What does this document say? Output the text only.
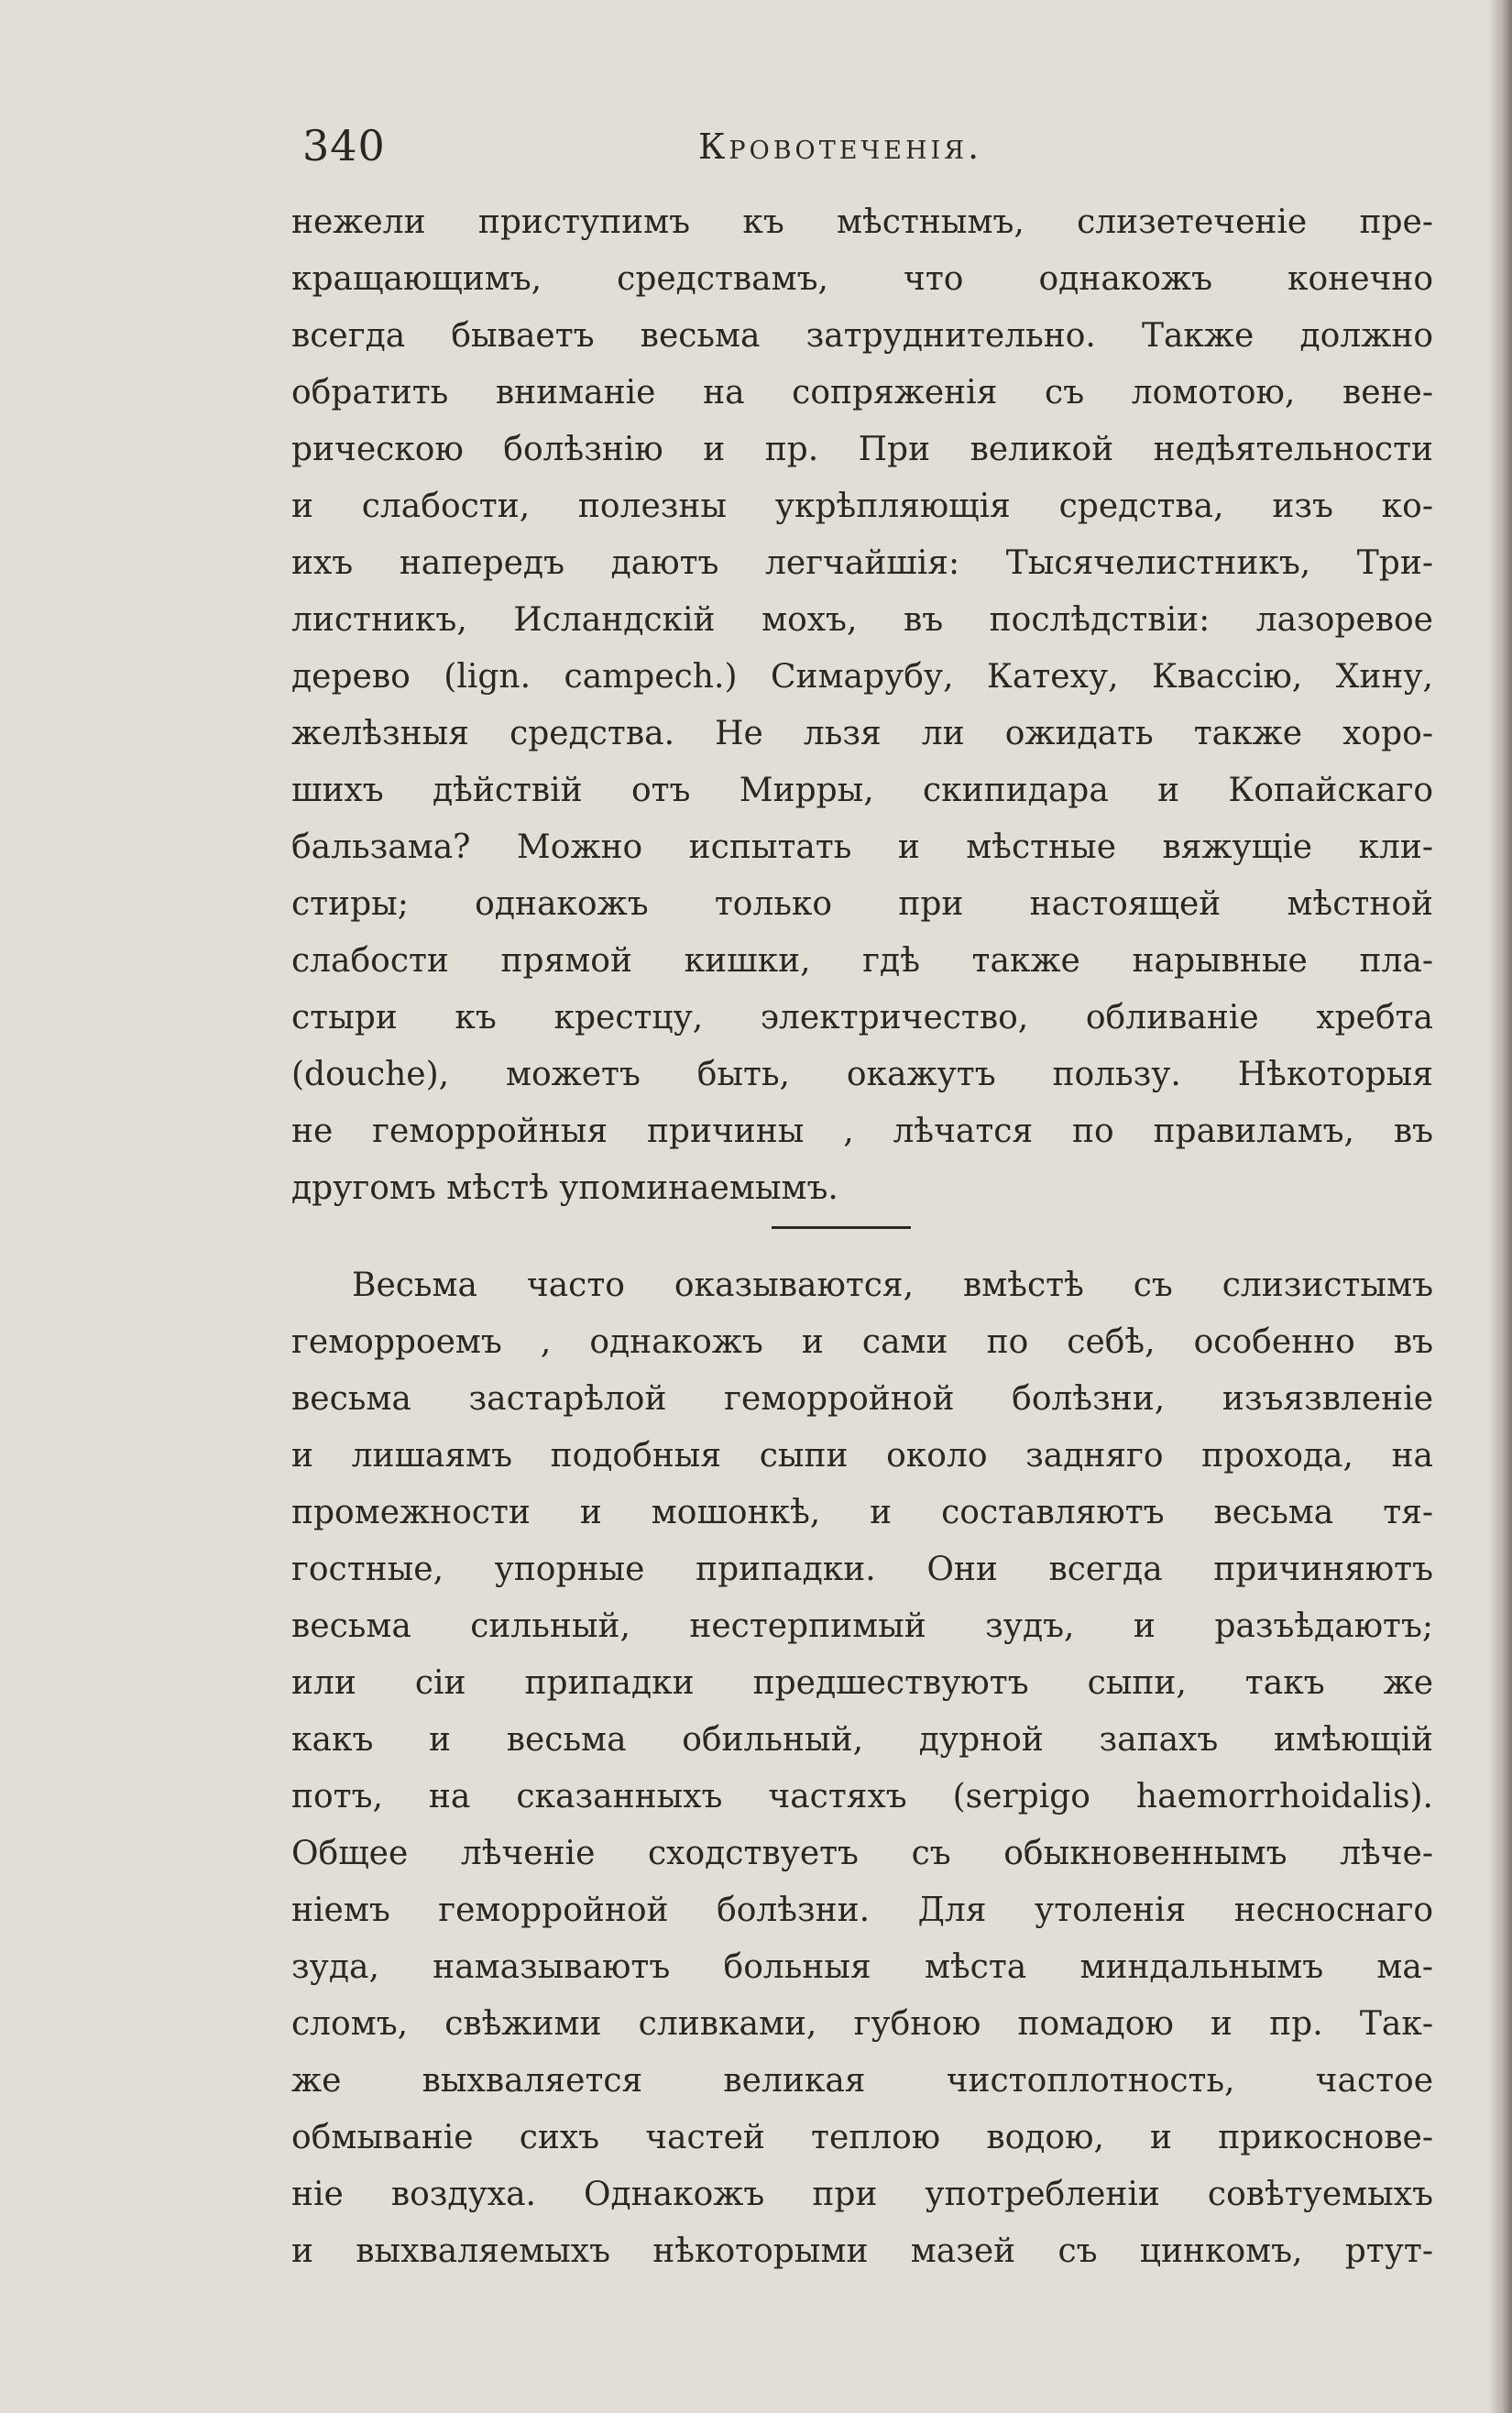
340	Кровотеченія.
нежели приступимъ къ мѣстнымъ, слизетеченіе пре-
кращающимъ, средствамъ, что однакожъ конечно
всегда бываетъ весьма затруднительно. Также должно
обратить вниманіе на сопряженія съ ломотою, вене-
рическою болѣзнію и пр. При великой недѣятельности
и слабости, полезны укрѣпляющія средства, изъ ко-
ихъ напередъ даютъ легчайшія: Тысячелистникъ, Три-
листникъ, Исландскій мохъ, въ послѣдствіи: лазоревое
дерево (lign. campech.) Симарубу, Катеху, Квассію, Хину,
желѣзныя средства. Не льзя ли ожидать также хоро-
шихъ дѣйствій отъ Мирры, скипидара и Копайскаго
бальзама? Можно испытать и мѣстные вяжущіе кли-
стиры; однакожъ только при настоящей мѣстной
слабости прямой кишки, гдѣ также нарывные пла-
стыри къ крестцу, электричество, обливаніе хребта
(douche), можетъ быть, окажутъ пользу. Нѣкоторыя
не геморройныя причины , лѣчатся по правиламъ, въ
другомъ мѣстѣ упоминаемымъ.
Весьма часто оказываются, вмѣстѣ съ слизистымъ
геморроемъ , однакожъ и сами по себѣ, особенно въ
весьма застарѣлой геморройной болѣзни, изъязвленіе
и лишаямъ подобныя сыпи около задняго прохода, на
промежности и мошонкѣ, и составляютъ весьма тя-
гостные, упорные припадки. Они всегда причиняютъ
весьма сильный, нестерпимый зудъ, и разъѣдаютъ;
или сіи припадки предшествуютъ сыпи, такъ же
какъ и весьма обильный, дурной запахъ имѣющій
потъ, на сказанныхъ частяхъ (serpigo haemorrhoidalis).
Общее лѣченіе сходствуетъ съ обыкновеннымъ лѣче-
ніемъ геморройной болѣзни. Для утоленія несноснаго
зуда, намазываютъ больныя мѣста миндальнымъ ма-
сломъ, свѣжими сливками, губною помадою и пр. Так-
же выхваляется великая чистоплотность, частое
обмываніе сихъ частей теплою водою, и прикоснове-
ніе воздуха. Однакожъ при употребленіи совѣтуемыхъ
и выхваляемыхъ нѣкоторыми мазей съ цинкомъ, ртут-
